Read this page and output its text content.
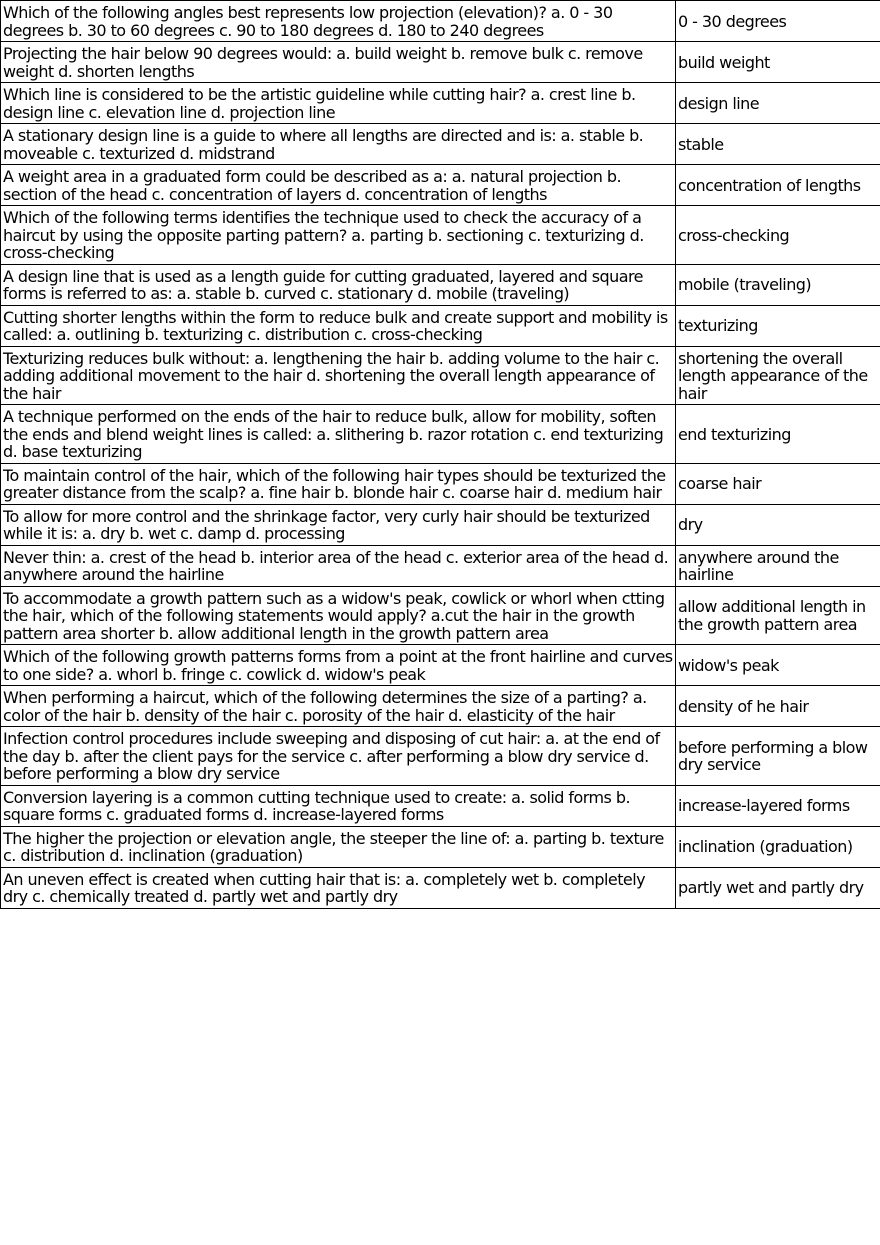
Which of the following angles best represents low projection (elevation)? a. 0 - 30 degrees b. 30 to 60 degrees c. 90 to 180 degrees d. 180 to 240 degrees	0 - 30 degrees
Projecting the hair below 90 degrees would: a. build weight b. remove bulk c. remove weight d. shorten lengths	build weight
Which line is considered to be the artistic guideline while cutting hair? a. crest line b. design line c. elevation line d. projection line	design line
A stationary design line is a guide to where all lengths are directed and is: a. stable b. moveable c. texturized d. midstrand	stable
A weight area in a graduated form could be described as a: a. natural projection b. section of the head c. concentration of layers d. concentration of lengths	concentration of lengths
Which of the following terms identifies the technique used to check the accuracy of a haircut by using the opposite parting pattern? a. parting b. sectioning c. texturizing d. cross-checking	cross-checking
A design line that is used as a length guide for cutting graduated, layered and square forms is referred to as: a. stable b. curved c. stationary d. mobile (traveling)	mobile (traveling)
Cutting shorter lengths within the form to reduce bulk and create support and mobility is called: a. outlining b. texturizing c. distribution c. cross-checking	texturizing
Texturizing reduces bulk without: a. lengthening the hair b. adding volume to the hair c. adding additional movement to the hair d. shortening the overall length appearance of the hair	shortening the overall length appearance of the hair
A technique performed on the ends of the hair to reduce bulk, allow for mobility, soften the ends and blend weight lines is called: a. slithering b. razor rotation c. end texturizing d. base texturizing	end texturizing
To maintain control of the hair, which of the following hair types should be texturized the greater distance from the scalp? a. fine hair b. blonde hair c. coarse hair d. medium hair	coarse hair
To allow for more control and the shrinkage factor, very curly hair should be texturized while it is: a. dry b. wet c. damp d. processing	dry
Never thin: a. crest of the head b. interior area of the head c. exterior area of the head d. anywhere around the hairline	anywhere around the hairline
To accommodate a growth pattern such as a widow's peak, cowlick or whorl when ctting the hair, which of the following statements would apply? a.cut the hair in the growth pattern area shorter b. allow additional length in the growth pattern area	allow additional length in the growth pattern area
Which of the following growth patterns forms from a point at the front hairline and curves to one side? a. whorl b. fringe c. cowlick d. widow's peak	widow's peak
When performing a haircut, which of the following determines the size of a parting? a. color of the hair b. density of the hair c. porosity of the hair d. elasticity of the hair	density of he hair
Infection control procedures include sweeping and disposing of cut hair: a. at the end of the day b. after the client pays for the service c. after performing a blow dry service d. before performing a blow dry service	before performing a blow dry service
Conversion layering is a common cutting technique used to create: a. solid forms b. square forms c. graduated forms d. increase-layered forms	increase-layered forms
The higher the projection or elevation angle, the steeper the line of: a. parting b. texture c. distribution d. inclination (graduation)	inclination (graduation)
An uneven effect is created when cutting hair that is: a. completely wet b. completely dry c. chemically treated d. partly wet and partly dry	partly wet and partly dry
